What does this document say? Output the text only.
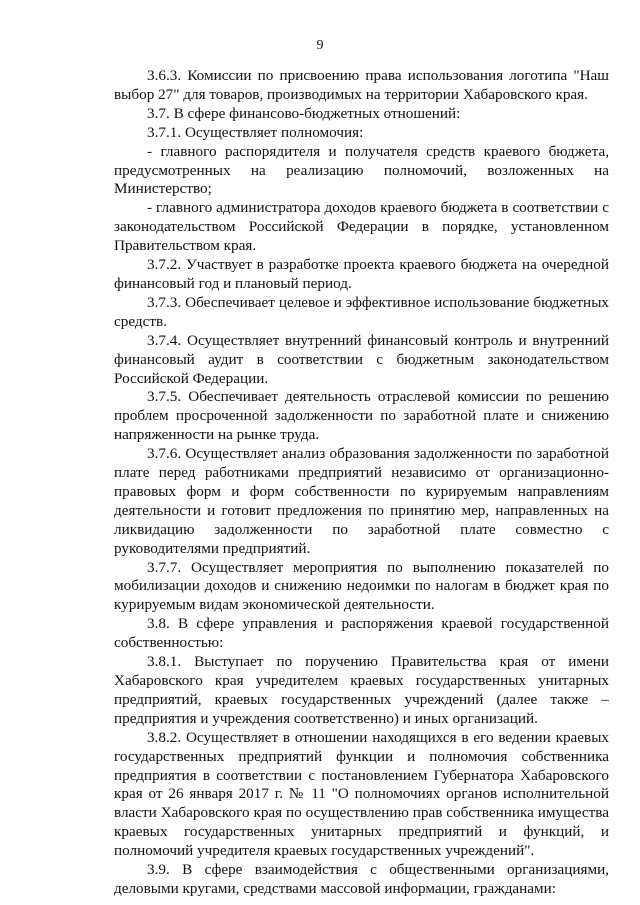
9

3.6.3. Комиссии по присвоению права использования логотипа "Наш выбор 27" для товаров, производимых на территории Хабаровского края.

3.7. В сфере финансово-бюджетных отношений:

3.7.1. Осуществляет полномочия:

- главного распорядителя и получателя средств краевого бюджета, предусмотренных на реализацию полномочий, возложенных на Министерство;

- главного администратора доходов краевого бюджета в соответствии с законодательством Российской Федерации в порядке, установленном Правительством края.

3.7.2. Участвует в разработке проекта краевого бюджета на очередной финансовый год и плановый период.

3.7.3. Обеспечивает целевое и эффективное использование бюджетных средств.

3.7.4. Осуществляет внутренний финансовый контроль и внутренний финансовый аудит в соответствии с бюджетным законодательством Российской Федерации.

3.7.5. Обеспечивает деятельность отраслевой комиссии по решению проблем просроченной задолженности по заработной плате и снижению напряженности на рынке труда.

3.7.6. Осуществляет анализ образования задолженности по заработной плате перед работниками предприятий независимо от организационно-правовых форм и форм собственности по курируемым направлениям деятельности и готовит предложения по принятию мер, направленных на ликвидацию задолженности по заработной плате совместно с руководителями предприятий.

3.7.7. Осуществляет мероприятия по выполнению показателей по мобилизации доходов и снижению недоимки по налогам в бюджет края по курируемым видам экономической деятельности.

3.8. В сфере управления и распоряжения краевой государственной собственностью:

3.8.1. Выступает по поручению Правительства края от имени Хабаровского края учредителем краевых государственных унитарных предприятий, краевых государственных учреждений (далее также – предприятия и учреждения соответственно) и иных организаций.

3.8.2. Осуществляет в отношении находящихся в его ведении краевых государственных предприятий функции и полномочия собственника предприятия в соответствии с постановлением Губернатора Хабаровского края от 26 января 2017 г. № 11 "О полномочиях органов исполнительной власти Хабаровского края по осуществлению прав собственника имущества краевых государственных унитарных предприятий и функций, и полномочий учредителя краевых государственных учреждений".

3.9. В сфере взаимодействия с общественными организациями, деловыми кругами, средствами массовой информации, гражданами:
